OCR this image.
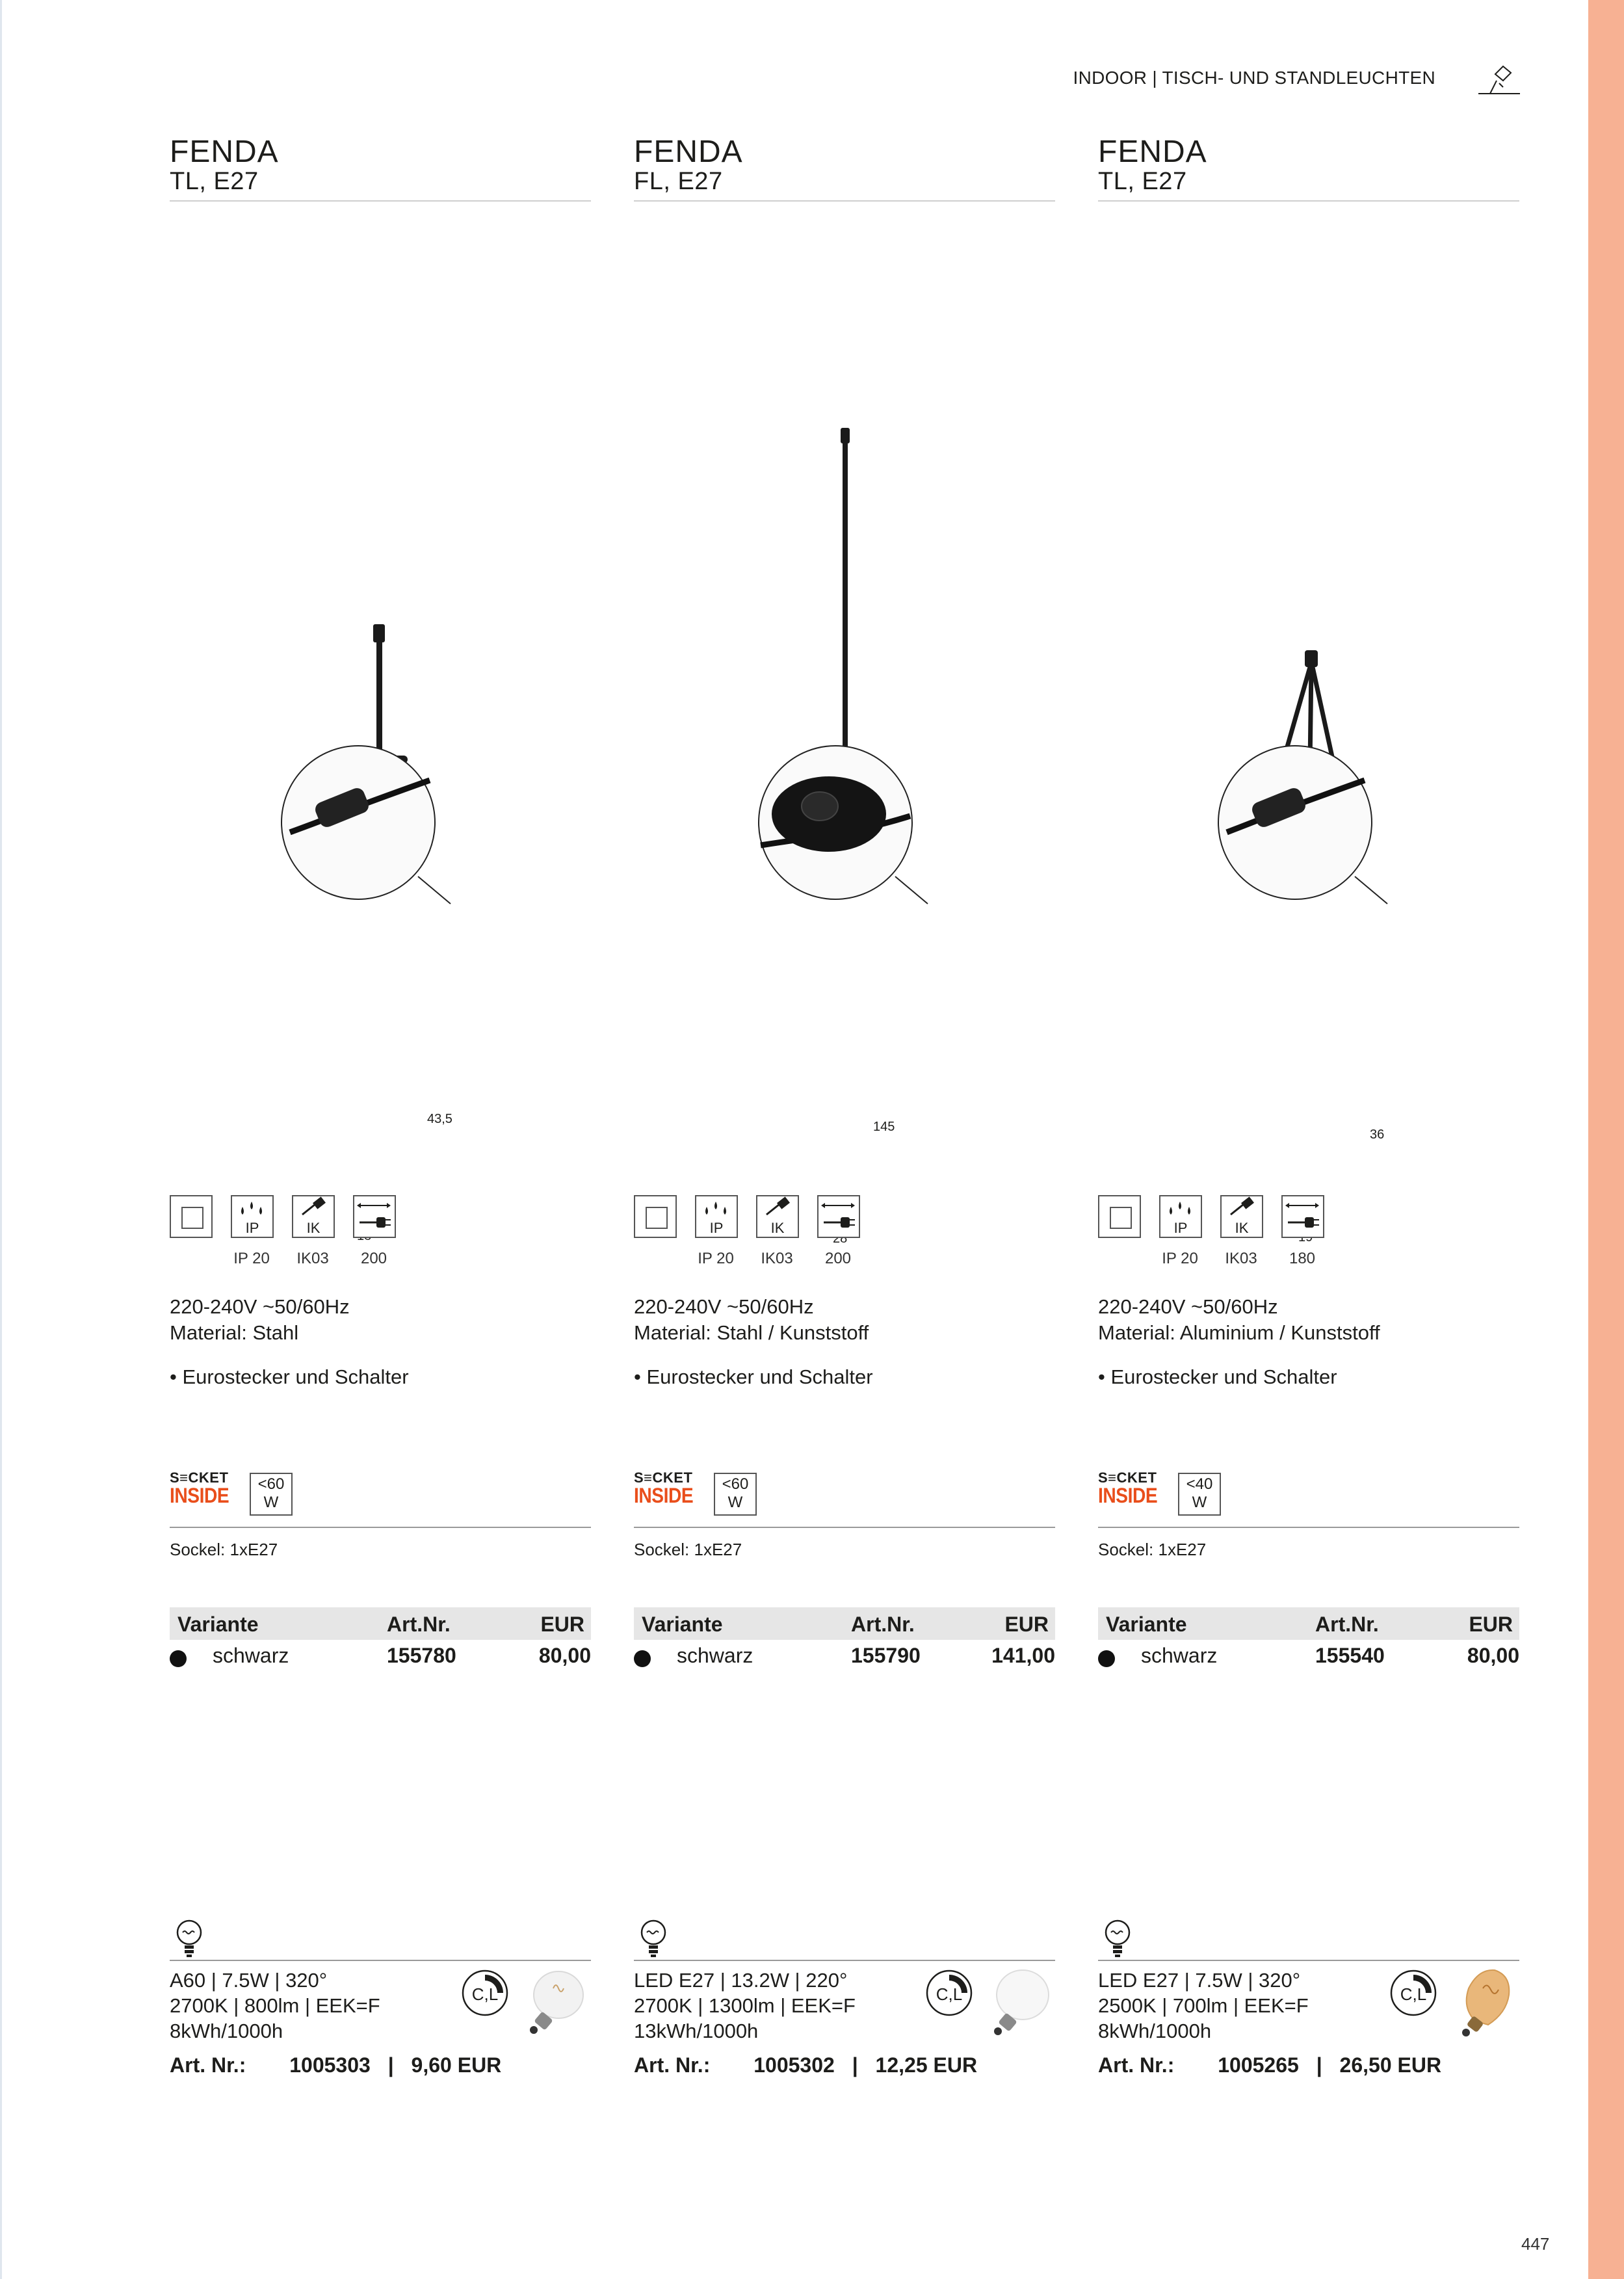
INDOOR | TISCH- UND STANDLEUCHTEN
FENDA
TL, E27
43,5
IP	IK
IP 20	IK03	200
220-240V ~50/60Hz
Material: Stahl
• Eurostecker und Schalter
S≡CKET
INSIDE	<60
W
Sockel: 1xE27
Variante	Art.Nr.	EUR
schwarz	155780	80,00
A60 | 7.5W | 320°
2700K | 800lm | EEK=F
8kWh/1000h
C,L
Art. Nr.: 1005303 | 9,60 EUR
FENDA
FL, E27
145
IP	IK
IP 20	IK03	200
220-240V ~50/60Hz
Material: Stahl / Kunststoff
• Eurostecker und Schalter
S≡CKET
INSIDE	<60
W
Sockel: 1xE27
Variante	Art.Nr.	EUR
schwarz	155790	141,00
LED E27 | 13.2W | 220°
2700K | 1300lm | EEK=F
13kWh/1000h
C,L
Art. Nr.: 1005302 | 12,25 EUR
FENDA
TL, E27
36
IP	IK
IP 20	IK03	180
220-240V ~50/60Hz
Material: Aluminium / Kunststoff
• Eurostecker und Schalter
S≡CKET
INSIDE	<40
W
Sockel: 1xE27
Variante	Art.Nr.	EUR
schwarz	155540	80,00
LED E27 | 7.5W | 320°
2500K | 700lm | EEK=F
8kWh/1000h
C,L
Art. Nr.: 1005265 | 26,50 EUR
447
